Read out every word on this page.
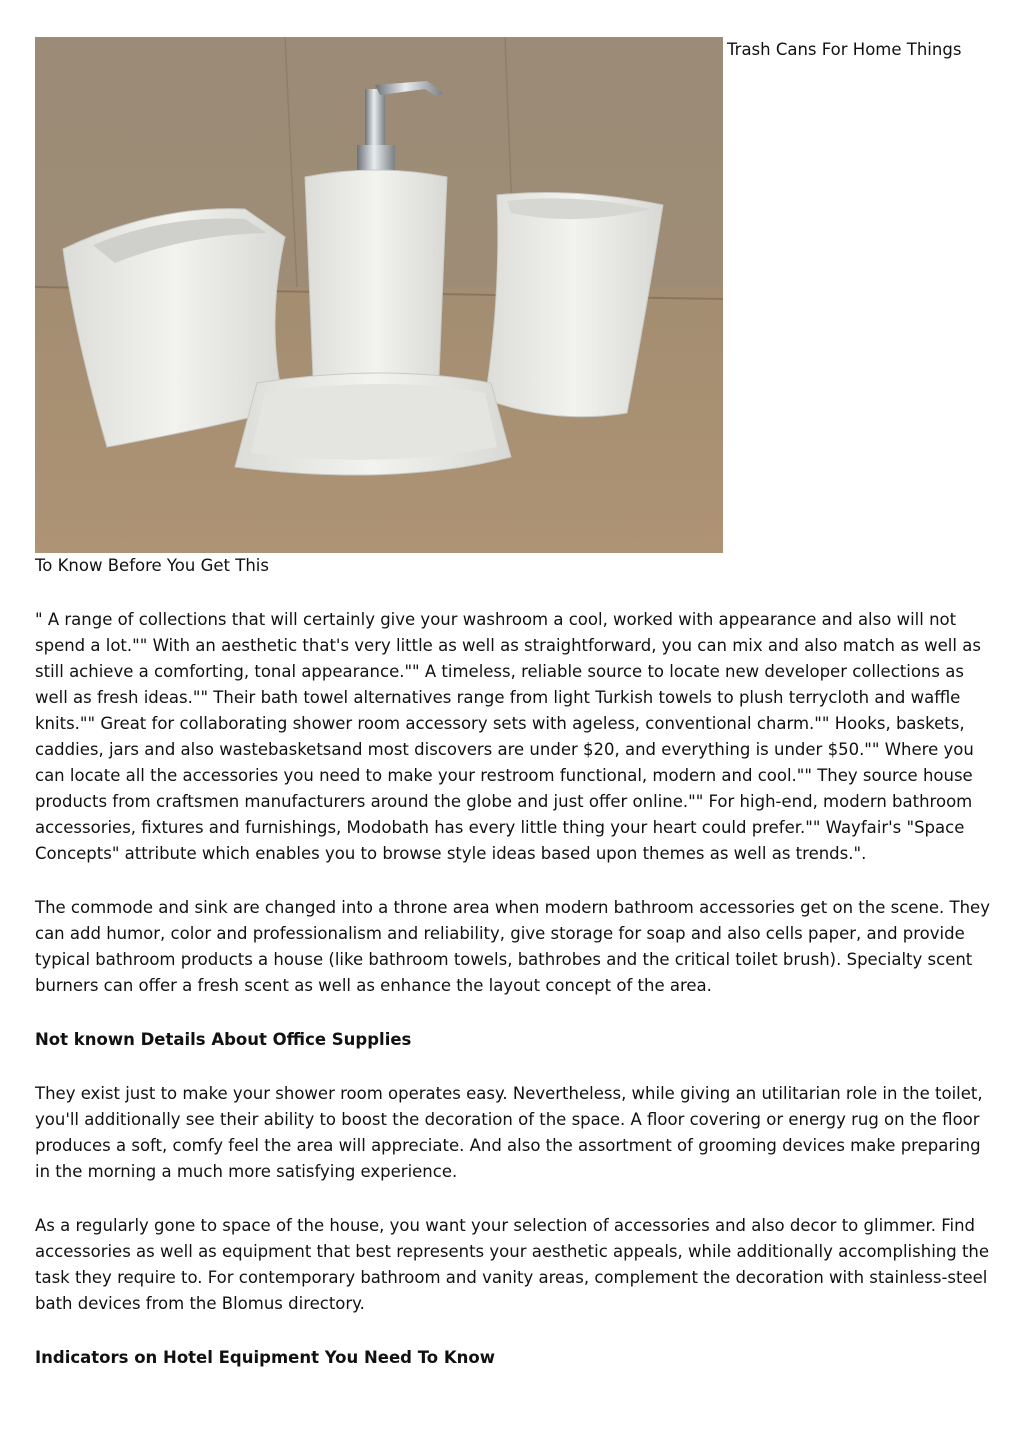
Trash Cans For Home Things

To Know Before You Get This

" A range of collections that will certainly give your washroom a cool, worked with appearance and also will not spend a lot."" With an aesthetic that's very little as well as straightforward, you can mix and also match as well as still achieve a comforting, tonal appearance."" A timeless, reliable source to locate new developer collections as well as fresh ideas."" Their bath towel alternatives range from light Turkish towels to plush terrycloth and waffle knits."" Great for collaborating shower room accessory sets with ageless, conventional charm."" Hooks, baskets, caddies, jars and also wastebasketsand most discovers are under $20, and everything is under $50."" Where you can locate all the accessories you need to make your restroom functional, modern and cool."" They source house products from craftsmen manufacturers around the globe and just offer online."" For high-end, modern bathroom accessories, fixtures and furnishings, Modobath has every little thing your heart could prefer."" Wayfair's "Space Concepts" attribute which enables you to browse style ideas based upon themes as well as trends.".

The commode and sink are changed into a throne area when modern bathroom accessories get on the scene. They can add humor, color and professionalism and reliability, give storage for soap and also cells paper, and provide typical bathroom products a house (like bathroom towels, bathrobes and the critical toilet brush). Specialty scent burners can offer a fresh scent as well as enhance the layout concept of the area.

Not known Details About Office Supplies

They exist just to make your shower room operates easy. Nevertheless, while giving an utilitarian role in the toilet, you'll additionally see their ability to boost the decoration of the space. A floor covering or energy rug on the floor produces a soft, comfy feel the area will appreciate. And also the assortment of grooming devices make preparing in the morning a much more satisfying experience.

As a regularly gone to space of the house, you want your selection of accessories and also decor to glimmer. Find accessories as well as equipment that best represents your aesthetic appeals, while additionally accomplishing the task they require to. For contemporary bathroom and vanity areas, complement the decoration with stainless-steel bath devices from the Blomus directory.

Indicators on Hotel Equipment You Need To Know
